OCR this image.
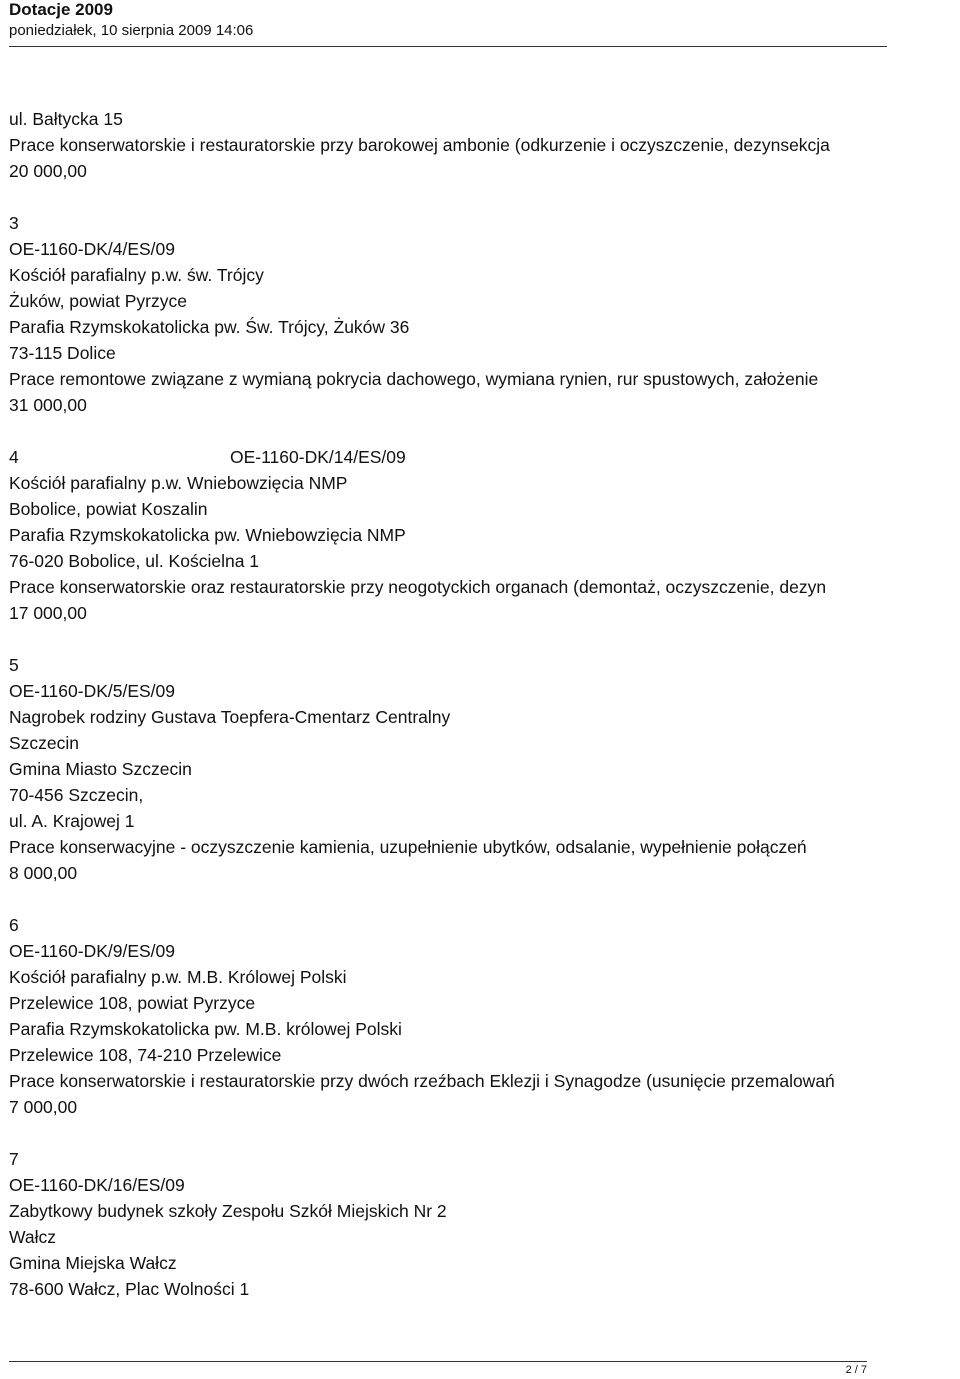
Dotacje 2009
poniedziałek, 10 sierpnia 2009 14:06
ul. Bałtycka 15
Prace konserwatorskie i restauratorskie przy barokowej ambonie (odkurzenie i oczyszczenie, dezynsekcja
20 000,00
3
OE-1160-DK/4/ES/09
Kościół parafialny p.w. św. Trójcy
Żuków, powiat Pyrzyce
Parafia Rzymskokatolicka pw. Św. Trójcy, Żuków 36
73-115 Dolice
Prace remontowe związane z wymianą pokrycia dachowego, wymiana rynien, rur spustowych, założenie
31 000,00
4	OE-1160-DK/14/ES/09
Kościół parafialny p.w. Wniebowzięcia NMP
Bobolice, powiat Koszalin
Parafia Rzymskokatolicka pw. Wniebowzięcia NMP
76-020 Bobolice, ul. Kościelna 1
Prace konserwatorskie oraz restauratorskie przy neogotyckich organach (demontaż, oczyszczenie, dezyn
17 000,00
5
OE-1160-DK/5/ES/09
Nagrobek rodziny Gustava Toepfera-Cmentarz Centralny
Szczecin
Gmina Miasto Szczecin
70-456 Szczecin,
ul. A. Krajowej 1
Prace konserwacyjne - oczyszczenie kamienia, uzupełnienie ubytków, odsalanie, wypełnienie połączeń
8 000,00
6
OE-1160-DK/9/ES/09
Kościół parafialny p.w. M.B. Królowej Polski
Przelewice 108, powiat Pyrzyce
Parafia Rzymskokatolicka pw. M.B. królowej Polski
Przelewice 108, 74-210 Przelewice
Prace konserwatorskie i restauratorskie przy dwóch rzeźbach Eklezji i Synagodze (usunięcie przemalowań
7 000,00
7
OE-1160-DK/16/ES/09
Zabytkowy budynek szkoły Zespołu Szkół Miejskich Nr 2
Wałcz
Gmina Miejska Wałcz
78-600 Wałcz, Plac Wolności 1
2 / 7
